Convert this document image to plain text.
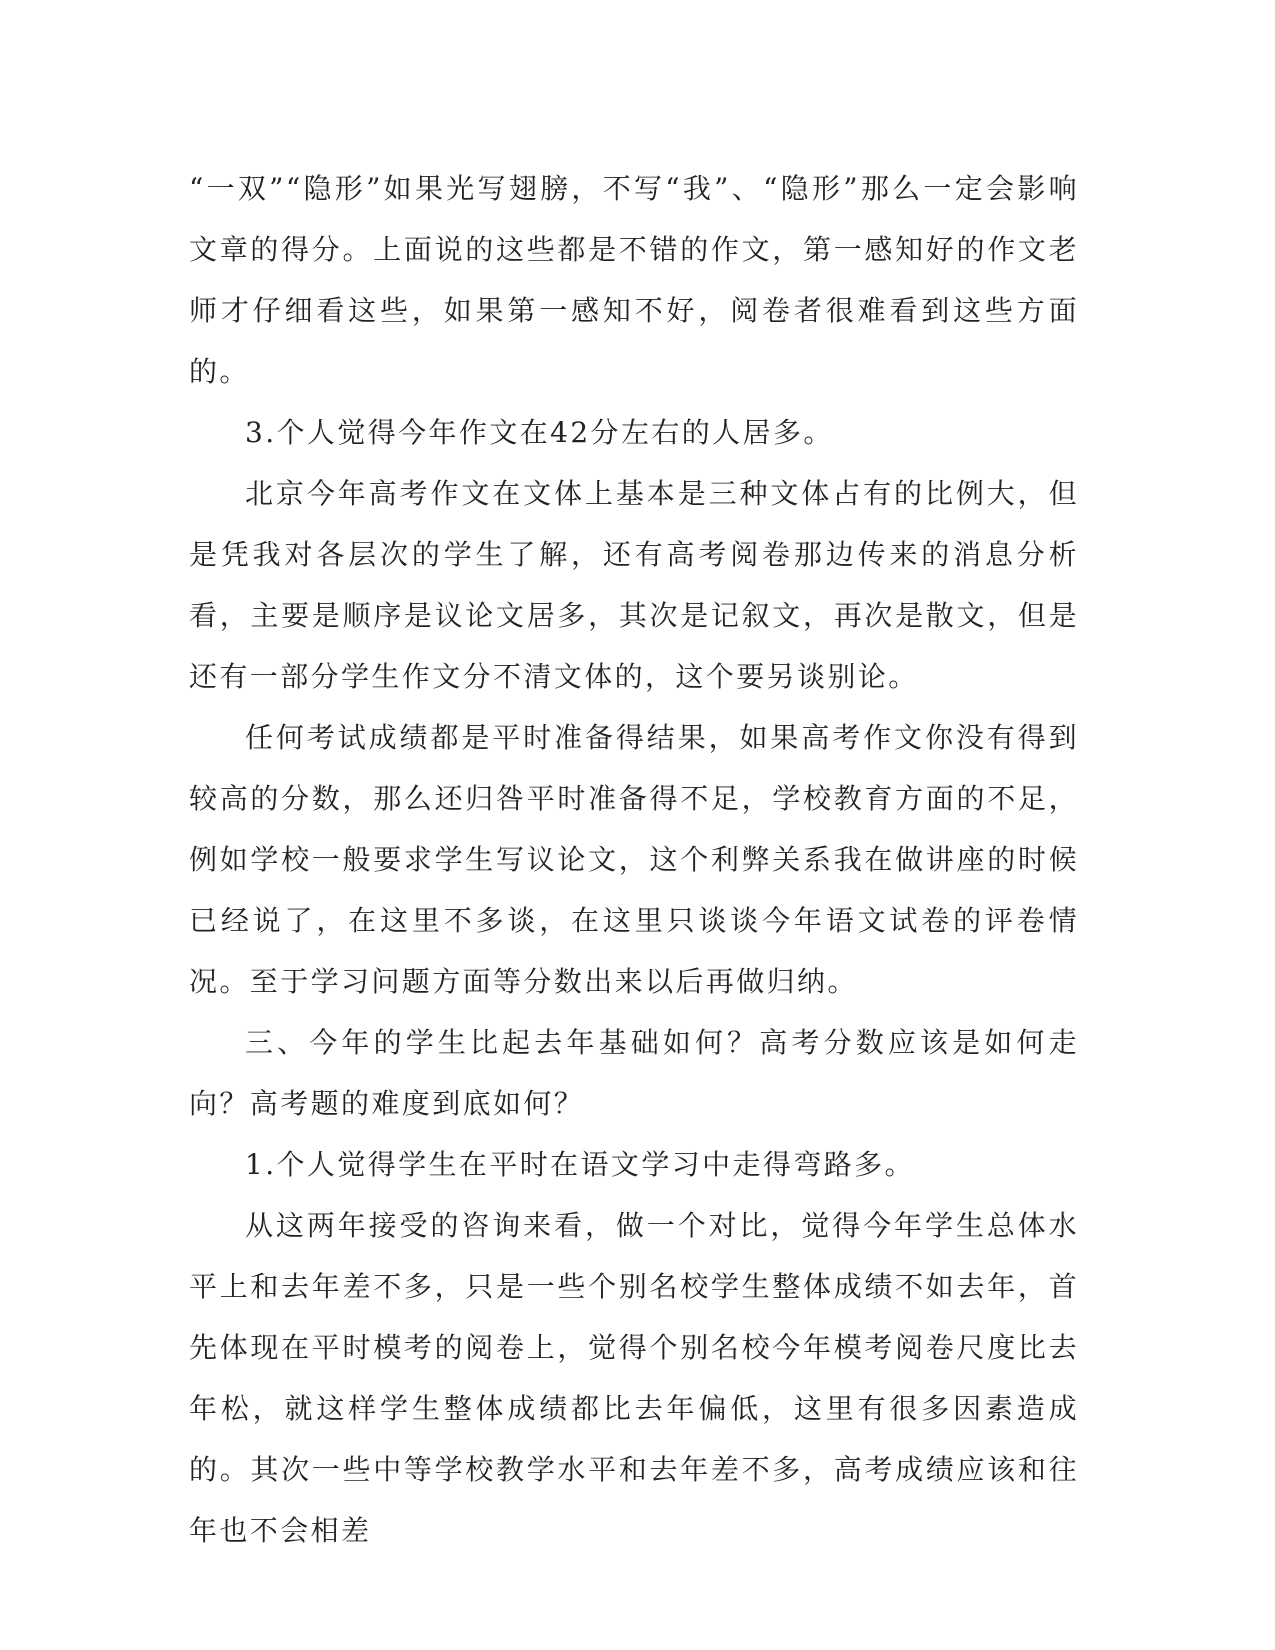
“一双”“隐形”如果光写翅膀，不写“我”、“隐形”那么一定会影响文章的得分。上面说的这些都是不错的作文，第一感知好的作文老师才仔细看这些，如果第一感知不好，阅卷者很难看到这些方面的。

3.个人觉得今年作文在42分左右的人居多。

北京今年高考作文在文体上基本是三种文体占有的比例大，但是凭我对各层次的学生了解，还有高考阅卷那边传来的消息分析看，主要是顺序是议论文居多，其次是记叙文，再次是散文，但是还有一部分学生作文分不清文体的，这个要另谈别论。

任何考试成绩都是平时准备得结果，如果高考作文你没有得到较高的分数，那么还归咎平时准备得不足，学校教育方面的不足，例如学校一般要求学生写议论文，这个利弊关系我在做讲座的时候已经说了，在这里不多谈，在这里只谈谈今年语文试卷的评卷情况。至于学习问题方面等分数出来以后再做归纳。

三、今年的学生比起去年基础如何？高考分数应该是如何走向？高考题的难度到底如何？

1.个人觉得学生在平时在语文学习中走得弯路多。

从这两年接受的咨询来看，做一个对比，觉得今年学生总体水平上和去年差不多，只是一些个别名校学生整体成绩不如去年，首先体现在平时模考的阅卷上，觉得个别名校今年模考阅卷尺度比去年松，就这样学生整体成绩都比去年偏低，这里有很多因素造成的。其次一些中等学校教学水平和去年差不多，高考成绩应该和往年也不会相差
